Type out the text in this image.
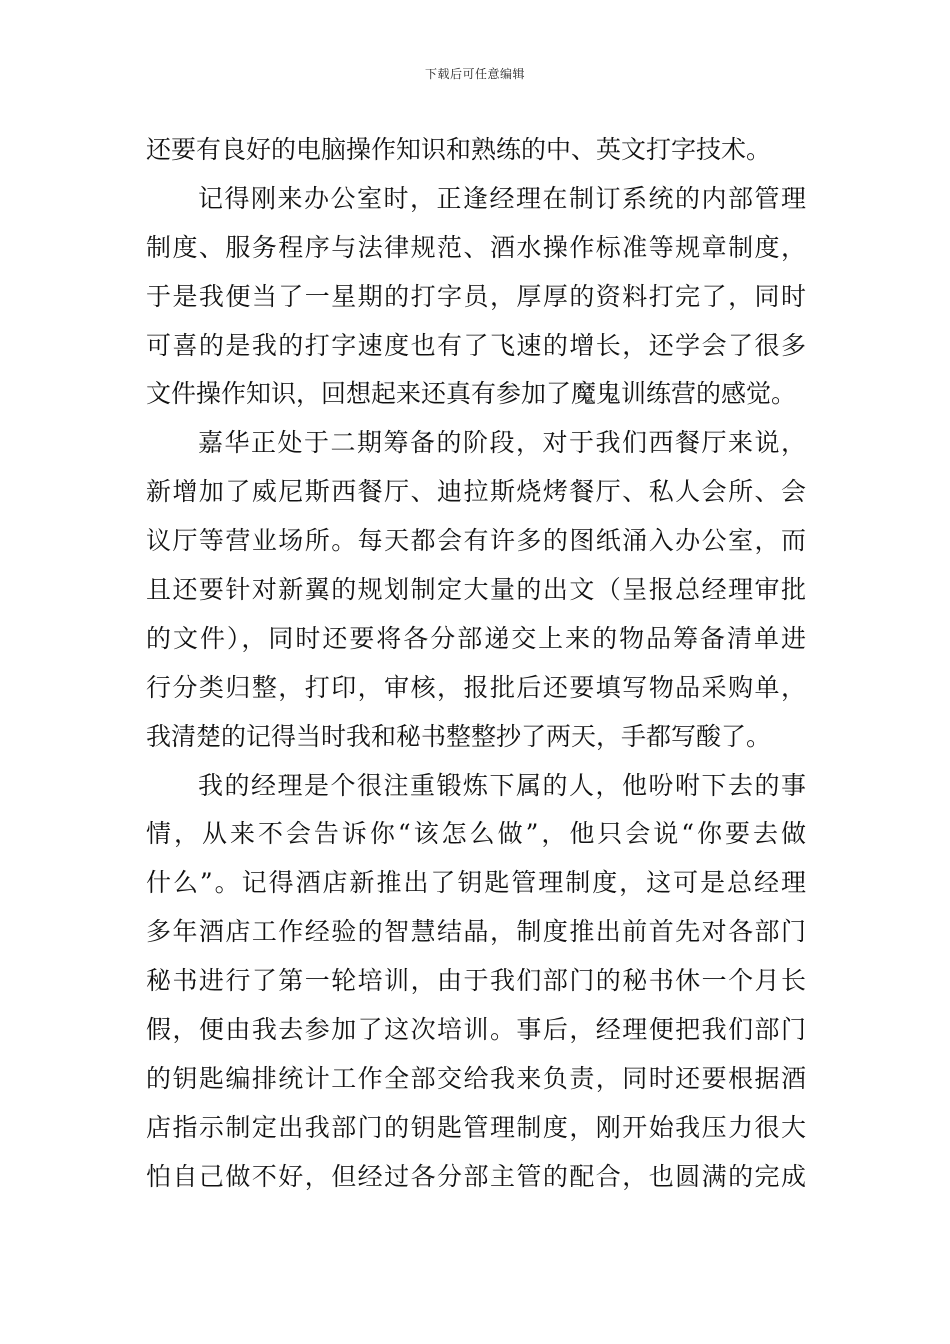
下载后可任意编辑
还要有良好的电脑操作知识和熟练的中、英文打字技术。
记得刚来办公室时，正逢经理在制订系统的内部管理
制度、服务程序与法律规范、酒水操作标准等规章制度，
于是我便当了一星期的打字员，厚厚的资料打完了，同时
可喜的是我的打字速度也有了飞速的增长，还学会了很多
文件操作知识，回想起来还真有参加了魔鬼训练营的感觉。
嘉华正处于二期筹备的阶段，对于我们西餐厅来说，
新增加了威尼斯西餐厅、迪拉斯烧烤餐厅、私人会所、会
议厅等营业场所。每天都会有许多的图纸涌入办公室，而
且还要针对新翼的规划制定大量的出文（呈报总经理审批
的文件），同时还要将各分部递交上来的物品筹备清单进
行分类归整，打印，审核，报批后还要填写物品采购单，
我清楚的记得当时我和秘书整整抄了两天，手都写酸了。
我的经理是个很注重锻炼下属的人，他吩咐下去的事
情，从来不会告诉你“该怎么做”，他只会说“你要去做
什么”。记得酒店新推出了钥匙管理制度，这可是总经理
多年酒店工作经验的智慧结晶，制度推出前首先对各部门
秘书进行了第一轮培训，由于我们部门的秘书休一个月长
假，便由我去参加了这次培训。事后，经理便把我们部门
的钥匙编排统计工作全部交给我来负责，同时还要根据酒
店指示制定出我部门的钥匙管理制度，刚开始我压力很大
怕自己做不好，但经过各分部主管的配合，也圆满的完成
